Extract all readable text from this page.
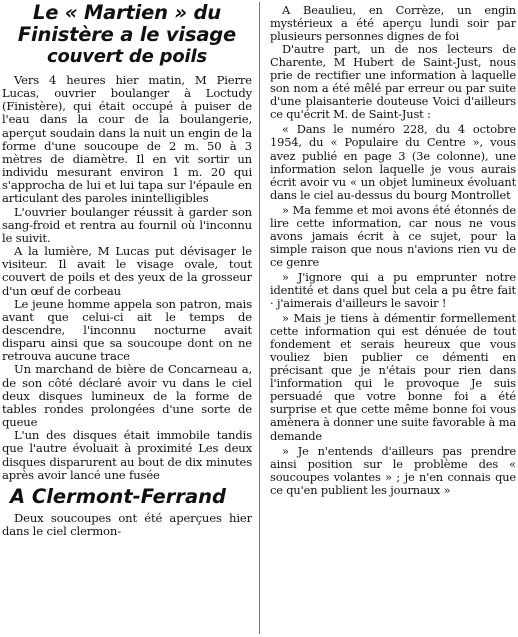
Le « Martien » du
Finistère a le visage
couvert de poils

Vers 4 heures hier matin, M Pierre Lucas, ouvrier boulanger à Loctudy (Finistère), qui était occupé à puiser de l'eau dans la cour de la boulangerie, aperçut soudain dans la nuit un engin de la forme d'une soucoupe de 2 m. 50 à 3 mètres de diamètre. Il en vit sortir un individu mesurant environ 1 m. 20 qui s'approcha de lui et lui tapa sur l'épaule en articulant des paroles inintelligibles

L'ouvrier boulanger réussit à garder son sang-froid et rentra au fournil où l'inconnu le suivit.

A la lumière, M Lucas put dévisager le visiteur. Il avait le visage ovale, tout couvert de poils et des yeux de la grosseur d'un œuf de corbeau

Le jeune homme appela son patron, mais avant que celui-ci ait le temps de descendre, l'inconnu nocturne avait disparu ainsi que sa soucoupe dont on ne retrouva aucune trace

Un marchand de bière de Concarneau a, de son côté déclaré avoir vu dans le ciel deux disques lumineux de la forme de tables rondes prolongées d'une sorte de queue

L'un des disques était immobile tandis que l'autre évoluait à proximité Les deux disques disparurent au bout de dix minutes après avoir lancé une fusée

A Clermont-Ferrand

Deux soucoupes ont été aperçues hier dans le ciel clermon-

A Beaulieu, en Corrèze, un engin mystérieux a été aperçu lundi soir par plusieurs personnes dignes de foi

D'autre part, un de nos lecteurs de Charente, M Hubert de Saint-Just, nous prie de rectifier une information à laquelle son nom a été mêlé par erreur ou par suite d'une plaisanterie douteuse Voici d'ailleurs ce qu'écrit M. de Saint-Just :

« Dans le numéro 228, du 4 octobre 1954, du « Populaire du Centre », vous avez publié en page 3 (3e colonne), une information selon laquelle je vous aurais écrit avoir vu « un objet lumineux évoluant dans le ciel au-dessus du bourg Montrollet

» Ma femme et moi avons été étonnés de lire cette information, car nous ne vous avons jamais écrit à ce sujet, pour la simple raison que nous n'avions rien vu de ce genre

» J'ignore qui a pu emprunter notre identité et dans quel but cela a pu être fait · j'aimerais d'ailleurs le savoir !

» Mais je tiens à démentir formellement cette information qui est dénuée de tout fondement et serais heureux que vous vouliez bien publier ce démenti en précisant que je n'étais pour rien dans l'information qui le provoque Je suis persuadé que votre bonne foi a été surprise et que cette même bonne foi vous amènera à donner une suite favorable à ma demande

» Je n'entends d'ailleurs pas prendre ainsi position sur le problème des « soucoupes volantes » ; je n'en connais que ce qu'en publient les journaux »
